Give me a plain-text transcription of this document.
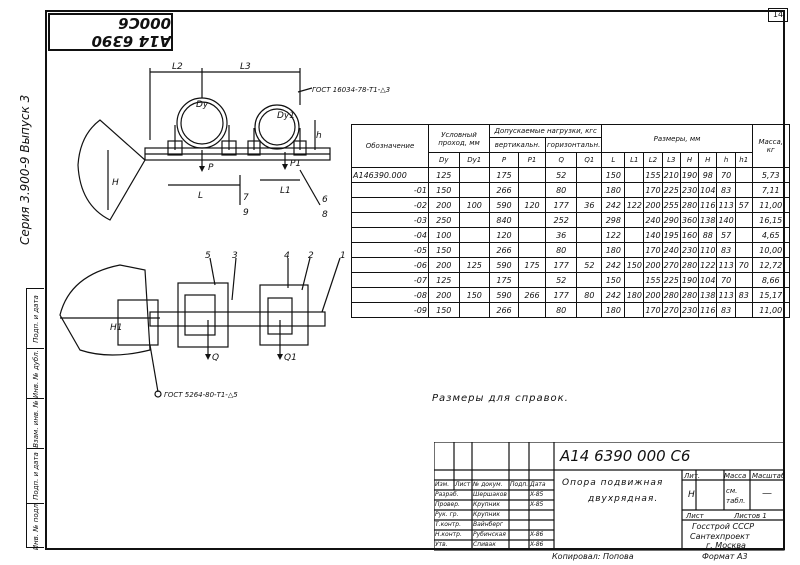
A14 6390 000C6	14
Серия 3.900-9 Выпуск 3
Подп. и дата
Инв. № дубл.
Взам. инв. №
Подп. и дата
Инв. № подл.
L2	L3
H
L	L1
h
Dy
Dy1
P	P1
7
9
6
8
5 3	4 2	1
H1
Q	Q1
ГОСТ 16034-78-Т1-△3
ГОСТ 5264-80-Т1-△5
Обозначение	Условный проход, мм		Допускаемые нагрузки, кгс				Размеры, мм								Масса, кг
			вертикальн.		горизонтальн.										
	Dy	Dy1	P	P1	Q	Q1	L	L1	L2	L3	H	H	h	h1	
А146390.000	125		175		52		150		155	210	190	98	70		5,73
-01	150		266		80		180		170	225	230	104	83		7,11
-02	200	100	590	120	177	36	242	122	200	255	280	116	113	57	11,00
-03	250		840		252		298		240	290	360	138	140		16,15
-04	100		120		36		122		140	195	160	88	57		4,65
-05	150		266		80		180		170	240	230	110	83		10,00
-06	200	125	590	175	177	52	242	150	200	270	280	122	113	70	12,72
-07	125		175		52		150		155	225	190	104	70		8,66
-08	200	150	590	266	177	80	242	180	200	280	280	138	113	83	15,17
-09	150		266		80		180		170	270	230	116	83		11,00
Размеры для справок.
А14 6390 000 С6
Опора подвижная
двухрядная.
Лит.	Масса Масштаб
Н	см. табл.
—
Лист	Листов 1
Госстрой СССР
Сантехпроект
г. Москва
Изм. Лист № докум. Подп. Дата
Разраб. Шершаков	X-85
Провер. Крупник	X-85
Рук. гр. Крупник
Т.контр. Вайнберг
Н.контр. Рубинская	X-86
Утв.	Спивак	X-86
Копировал: Попова	Формат А3
